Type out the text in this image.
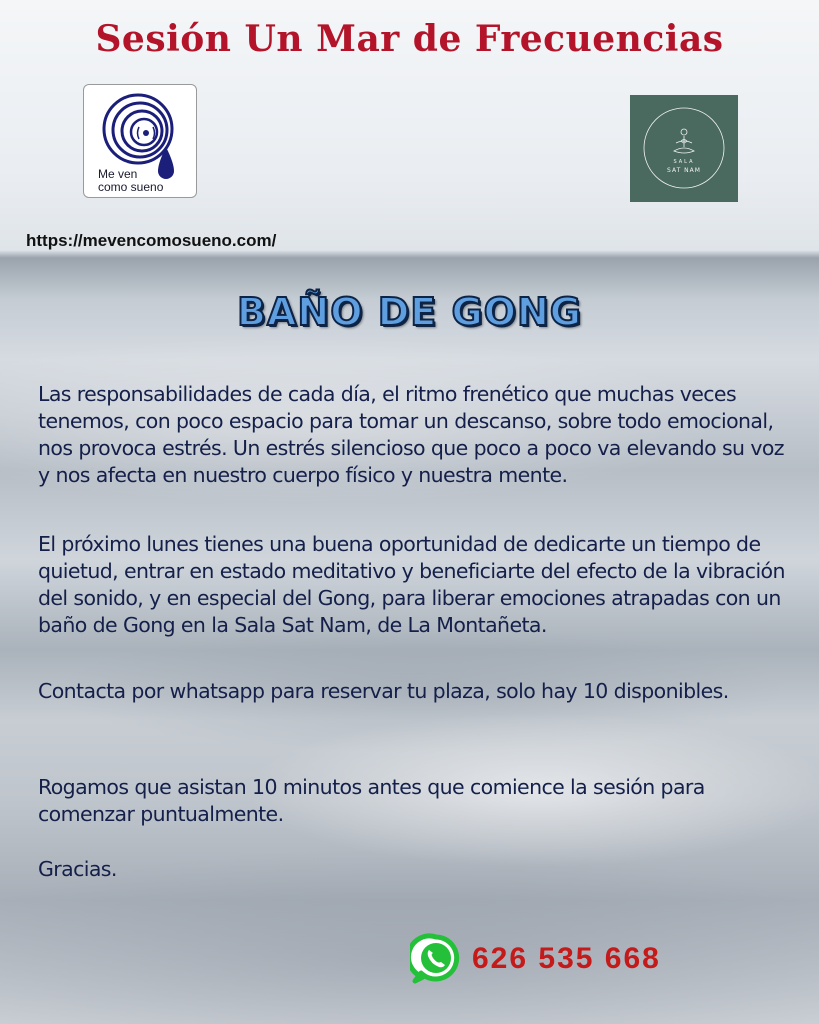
Sesión Un Mar de Frecuencias
Me ven
como sueno
SALA
SAT NAM
https://mevencomosueno.com/
BAÑO DE GONG

Las responsabilidades de cada día, el ritmo frenético que muchas veces tenemos, con poco espacio para tomar un descanso, sobre todo emocional, nos provoca estrés. Un estrés silencioso que poco a poco va elevando su voz y nos afecta en nuestro cuerpo físico y nuestra mente.

El próximo lunes tienes una buena oportunidad de dedicarte un tiempo de quietud, entrar en estado meditativo y beneficiarte del efecto de la vibración del sonido, y en especial del Gong, para liberar emociones atrapadas con un baño de Gong en la Sala Sat Nam, de La Montañeta.

Contacta por whatsapp para reservar tu plaza, solo hay 10 disponibles.

Rogamos que asistan 10 minutos antes que comience la sesión para comenzar puntualmente.

Gracias.

626 535 668
